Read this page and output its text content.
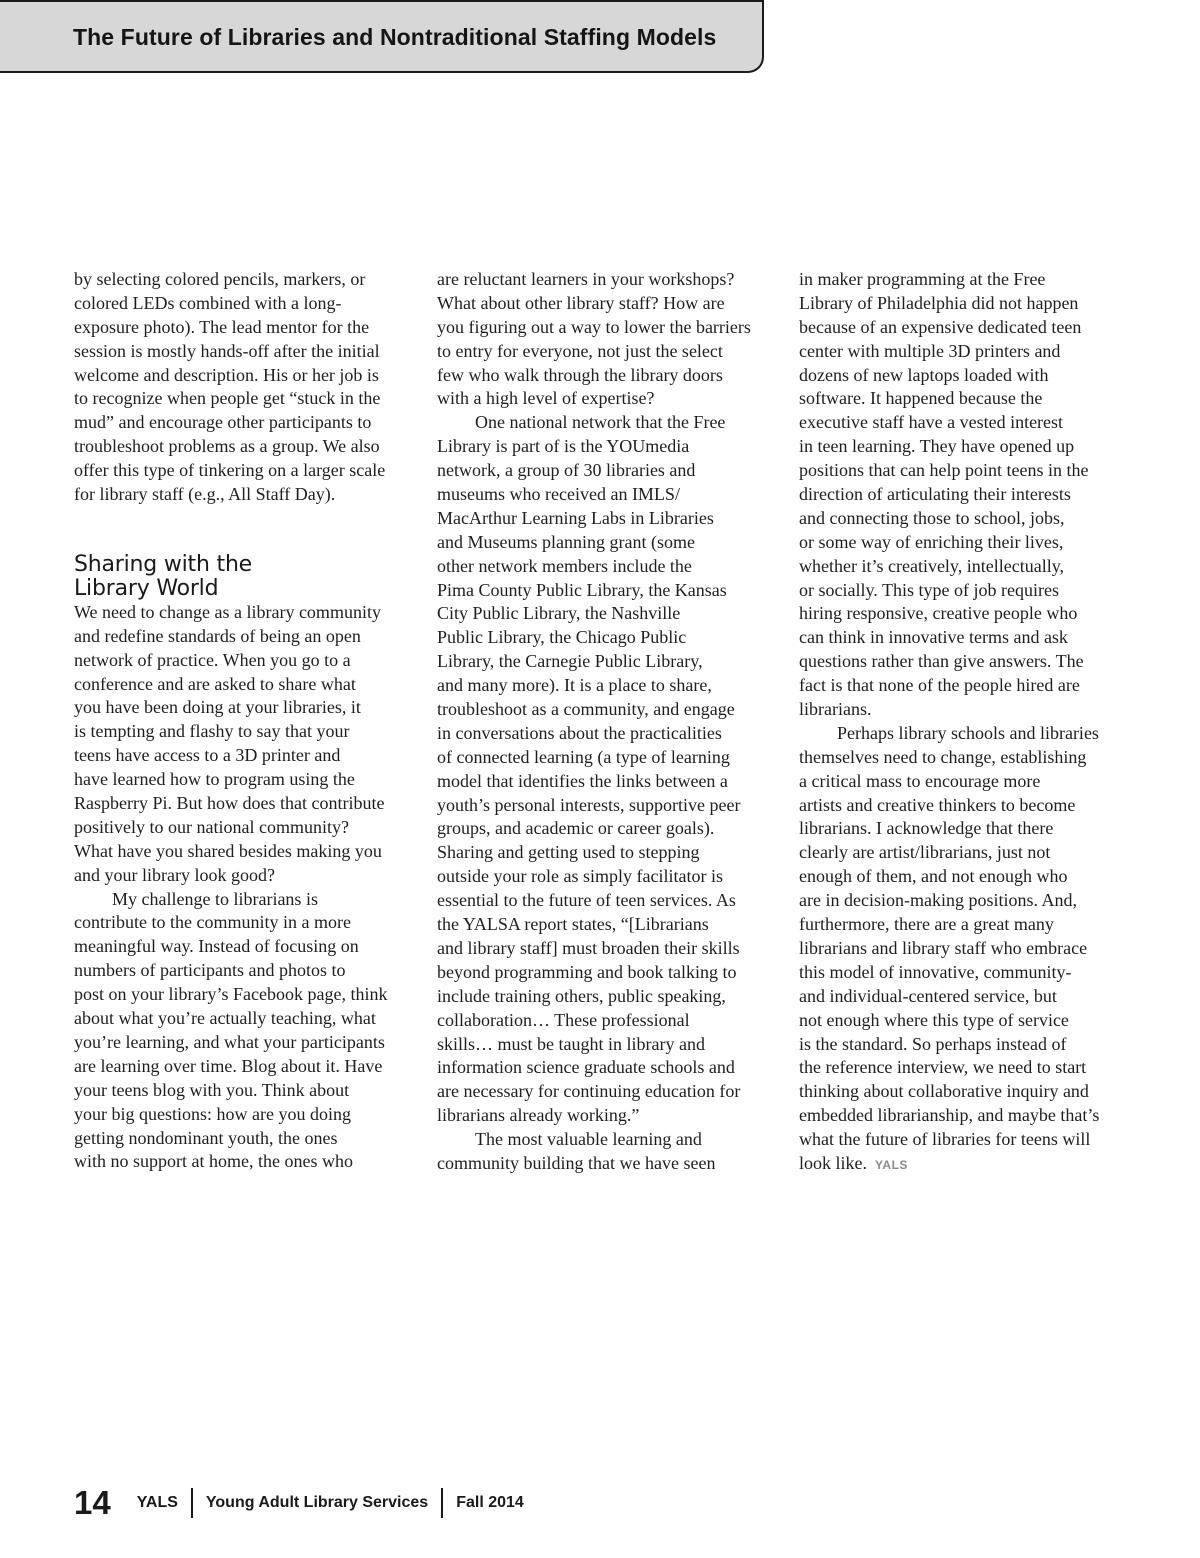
The Future of Libraries and Nontraditional Staffing Models
by selecting colored pencils, markers, or
colored LEDs combined with a long-
exposure photo). The lead mentor for the
session is mostly hands-off after the initial
welcome and description. His or her job is
to recognize when people get “stuck in the
mud” and encourage other participants to
troubleshoot problems as a group. We also
offer this type of tinkering on a larger scale
for library staff (e.g., All Staff Day).
Sharing with the
Library World
We need to change as a library community
and redefine standards of being an open
network of practice. When you go to a
conference and are asked to share what
you have been doing at your libraries, it
is tempting and flashy to say that your
teens have access to a 3D printer and
have learned how to program using the
Raspberry Pi. But how does that contribute
positively to our national community?
What have you shared besides making you
and your library look good?
My challenge to librarians is
contribute to the community in a more
meaningful way. Instead of focusing on
numbers of participants and photos to
post on your library’s Facebook page, think
about what you’re actually teaching, what
you’re learning, and what your participants
are learning over time. Blog about it. Have
your teens blog with you. Think about
your big questions: how are you doing
getting nondominant youth, the ones
with no support at home, the ones who
are reluctant learners in your workshops?
What about other library staff? How are
you figuring out a way to lower the barriers
to entry for everyone, not just the select
few who walk through the library doors
with a high level of expertise?
One national network that the Free
Library is part of is the YOUmedia
network, a group of 30 libraries and
museums who received an IMLS/
MacArthur Learning Labs in Libraries
and Museums planning grant (some
other network members include the
Pima County Public Library, the Kansas
City Public Library, the Nashville
Public Library, the Chicago Public
Library, the Carnegie Public Library,
and many more). It is a place to share,
troubleshoot as a community, and engage
in conversations about the practicalities
of connected learning (a type of learning
model that identifies the links between a
youth’s personal interests, supportive peer
groups, and academic or career goals).
Sharing and getting used to stepping
outside your role as simply facilitator is
essential to the future of teen services. As
the YALSA report states, “[Librarians
and library staff] must broaden their skills
beyond programming and book talking to
include training others, public speaking,
collaboration… These professional
skills… must be taught in library and
information science graduate schools and
are necessary for continuing education for
librarians already working.”
The most valuable learning and
community building that we have seen
in maker programming at the Free
Library of Philadelphia did not happen
because of an expensive dedicated teen
center with multiple 3D printers and
dozens of new laptops loaded with
software. It happened because the
executive staff have a vested interest
in teen learning. They have opened up
positions that can help point teens in the
direction of articulating their interests
and connecting those to school, jobs,
or some way of enriching their lives,
whether it’s creatively, intellectually,
or socially. This type of job requires
hiring responsive, creative people who
can think in innovative terms and ask
questions rather than give answers. The
fact is that none of the people hired are
librarians.
Perhaps library schools and libraries
themselves need to change, establishing
a critical mass to encourage more
artists and creative thinkers to become
librarians. I acknowledge that there
clearly are artist/librarians, just not
enough of them, and not enough who
are in decision-making positions. And,
furthermore, there are a great many
librarians and library staff who embrace
this model of innovative, community-
and individual-centered service, but
not enough where this type of service
is the standard. So perhaps instead of
the reference interview, we need to start
thinking about collaborative inquiry and
embedded librarianship, and maybe that’s
what the future of libraries for teens will
look like. YALS
14 YALS Young Adult Library Services Fall 2014
